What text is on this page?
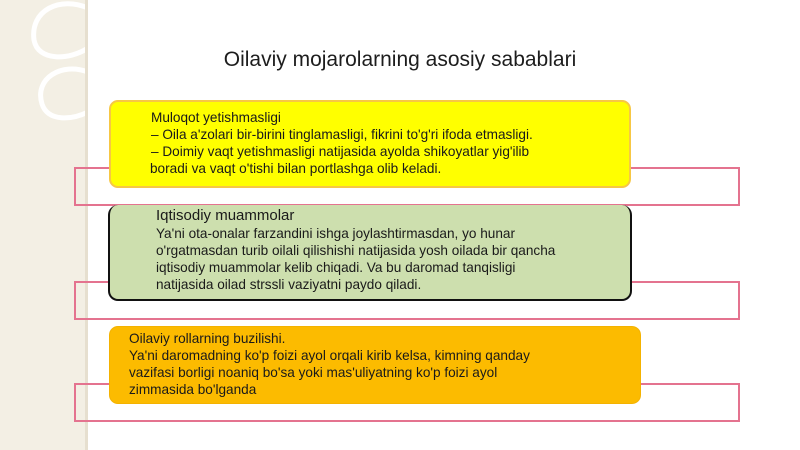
Oilaviy mojarolarning asosiy sabablari
Muloqot yetishmasligi
– Oila a'zolari bir-birini tinglamasligi, fikrini to'g'ri ifoda etmasligi.
– Doimiy vaqt yetishmasligi natijasida ayolda shikoyatlar yig'ilib
boradi va vaqt o'tishi bilan portlashga olib keladi.
Iqtisodiy muammolar
Ya'ni ota-onalar farzandini ishga joylashtirmasdan, yo hunar
o'rgatmasdan turib oilali qilishishi natijasida yosh oilada bir qancha
iqtisodiy muammolar kelib chiqadi. Va bu daromad tanqisligi
natijasida oilad strssli vaziyatni paydo qiladi.
Oilaviy rollarning buzilishi.
Ya'ni daromadning ko'p foizi ayol orqali kirib kelsa, kimning qanday
vazifasi borligi noaniq bo'sa yoki mas'uliyatning ko'p foizi ayol
zimmasida bo'lganda
